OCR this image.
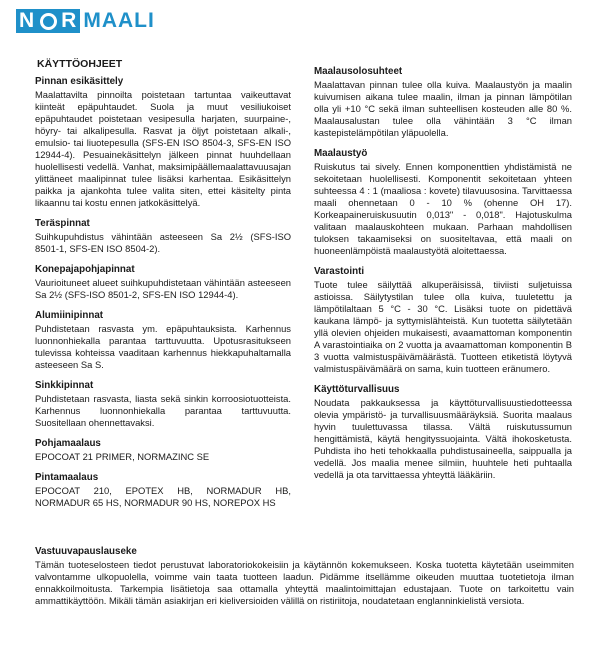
N R MAALI
KÄYTTÖOHJEET
Pinnan esikäsittely
Maalattavilta pinnoilta poistetaan tartuntaa vaikeuttavat kiinteät epäpuhtaudet. Suola ja muut vesiliukoiset epäpuhtaudet poistetaan vesipesulla harjaten, suurpaine-, höyry- tai alkalipesulla. Rasvat ja öljyt poistetaan alkali-, emulsio- tai liuotepesulla (SFS-EN ISO 8504-3, SFS-EN ISO 12944-4). Pesuainekäsittelyn jälkeen pinnat huuhdellaan huolellisesti vedellä. Vanhat, maksimipäällemaalattavuusajan ylittäneet maalipinnat tulee lisäksi karhentaa. Esikäsittelyn paikka ja ajankohta tulee valita siten, ettei käsitelty pinta likaannu tai kostu ennen jatkokäsittelyä.
Teräspinnat
Suihkupuhdistus vähintään asteeseen Sa 2½ (SFS-ISO 8501-1, SFS-EN ISO 8504-2).
Konepajapohjapinnat
Vaurioituneet alueet suihkupuhdistetaan vähintään asteeseen Sa 2½ (SFS-ISO 8501-2, SFS-EN ISO 12944-4).
Alumiinipinnat
Puhdistetaan rasvasta ym. epäpuhtauksista. Karhennus luonnonhiekalla parantaa tarttuvuutta. Upotusrasitukseen tulevissa kohteissa vaaditaan karhennus hiekkapuhaltamalla asteeseen Sa S.
Sinkkipinnat
Puhdistetaan rasvasta, liasta sekä sinkin korroosiotuotteista. Karhennus luonnonhiekalla parantaa tarttuvuutta. Suositellaan ohennettavaksi.
Pohjamaalaus
EPOCOAT 21 PRIMER, NORMAZINC SE
Pintamaalaus
EPOCOAT 210, EPOTEX HB, NORMADUR HB, NORMADUR 65 HS, NORMADUR 90 HS, NOREPOX HS
Maalausolosuhteet
Maalattavan pinnan tulee olla kuiva. Maalaustyön ja maalin kuivumisen aikana tulee maalin, ilman ja pinnan lämpötilan olla yli +10 °C sekä ilman suhteellisen kosteuden alle 80 %. Maalausalustan tulee olla vähintään 3 °C ilman kastepistelämpötilan yläpuolella.
Maalaustyö
Ruiskutus tai sively. Ennen komponenttien yhdistämistä ne sekoitetaan huolellisesti. Komponentit sekoitetaan yhteen suhteessa 4 : 1 (maaliosa : kovete) tilavuusosina. Tarvittaessa maali ohennetaan 0 - 10 % (ohenne OH 17). Korkeapaineruiskusuutin 0,013" - 0,018". Hajotuskulma valitaan maalauskohteen mukaan. Parhaan mahdollisen tuloksen takaamiseksi on suositeltavaa, että maali on huoneenlämpöistä maalaustyötä aloitettaessa.
Varastointi
Tuote tulee säilyttää alkuperäisissä, tiiviisti suljetuissa astioissa. Säilytystilan tulee olla kuiva, tuuletettu ja lämpötilaltaan 5 °C - 30 °C. Lisäksi tuote on pidettävä kaukana lämpö- ja syttymislähteistä. Kun tuotetta säilytetään yllä olevien ohjeiden mukaisesti, avaamattoman komponentin A varastointiaika on 2 vuotta ja avaamattoman komponentin B 3 vuotta valmistuspäivämäärästä. Tuotteen etiketistä löytyvä valmistuspäivämäärä on sama, kuin tuotteen eränumero.
Käyttöturvallisuus
Noudata pakkauksessa ja käyttöturvallisuustiedotteessa olevia ympäristö- ja turvallisuusmääräyksiä. Suorita maalaus hyvin tuulettuvassa tilassa. Vältä ruiskutussumun hengittämistä, käytä hengityssuojainta. Vältä ihokosketusta. Puhdista iho heti tehokkaalla puhdistusaineella, saippualla ja vedellä. Jos maalia menee silmiin, huuhtele heti puhtaalla vedellä ja ota tarvittaessa yhteyttä lääkäriin.
Vastuuvapauslauseke
Tämän tuoteselosteen tiedot perustuvat laboratoriokokeisiin ja käytännön kokemukseen. Koska tuotetta käytetään useimmiten valvontamme ulkopuolella, voimme vain taata tuotteen laadun. Pidämme itsellämme oikeuden muuttaa tuotetietoja ilman ennakkoilmoitusta. Tarkempia lisätietoja saa ottamalla yhteyttä maalintoimittajan edustajaan. Tuote on tarkoitettu vain ammattikäyttöön. Mikäli tämän asiakirjan eri kieliversioiden välillä on ristiriitoja, noudatetaan englanninkielistä versiota.
